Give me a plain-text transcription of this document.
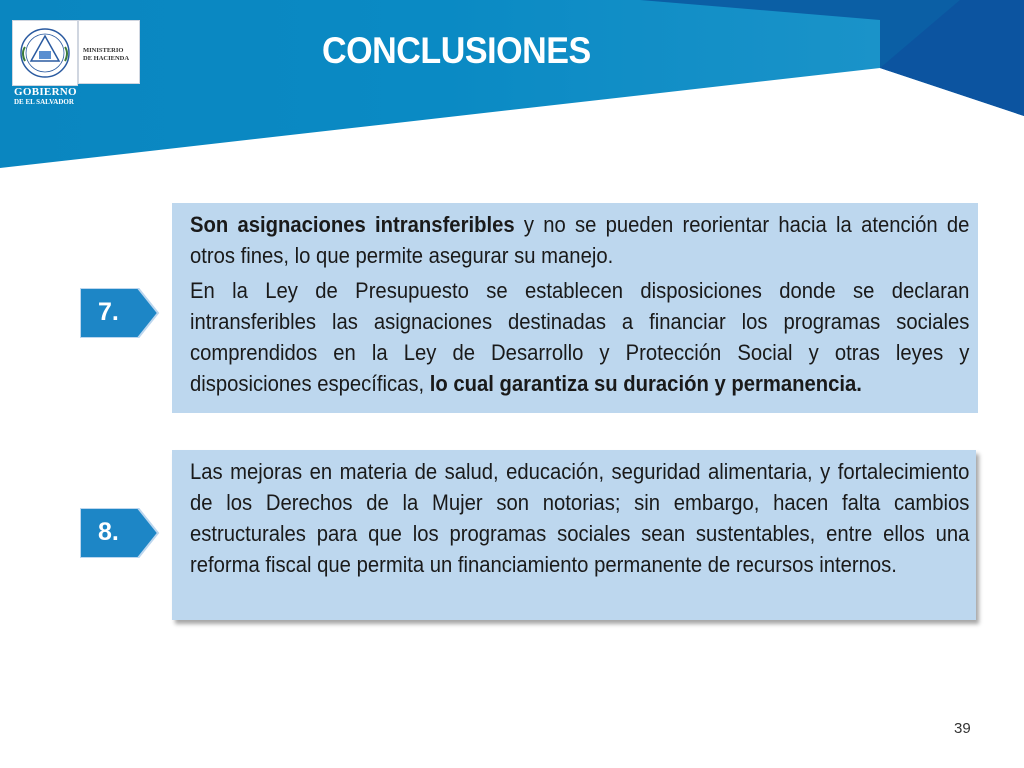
MINISTERIO
DE HACIENDA
GOBIERNO
DE EL SALVADOR
CONCLUSIONES
7.

Son asignaciones intransferibles y no se pueden reorientar hacia la atención de otros fines, lo que permite asegurar su manejo.

En la Ley de Presupuesto se establecen disposiciones donde se declaran intransferibles las asignaciones destinadas a financiar los programas sociales comprendidos en la Ley de Desarrollo y Protección Social y otras leyes y disposiciones específicas, lo cual garantiza su duración y permanencia.

8.

Las mejoras en materia de salud, educación, seguridad alimentaria, y fortalecimiento de los Derechos de la Mujer son notorias; sin embargo, hacen falta cambios estructurales para que los programas sociales sean sustentables, entre ellos una reforma fiscal que permita un financiamiento permanente de recursos internos.

39
